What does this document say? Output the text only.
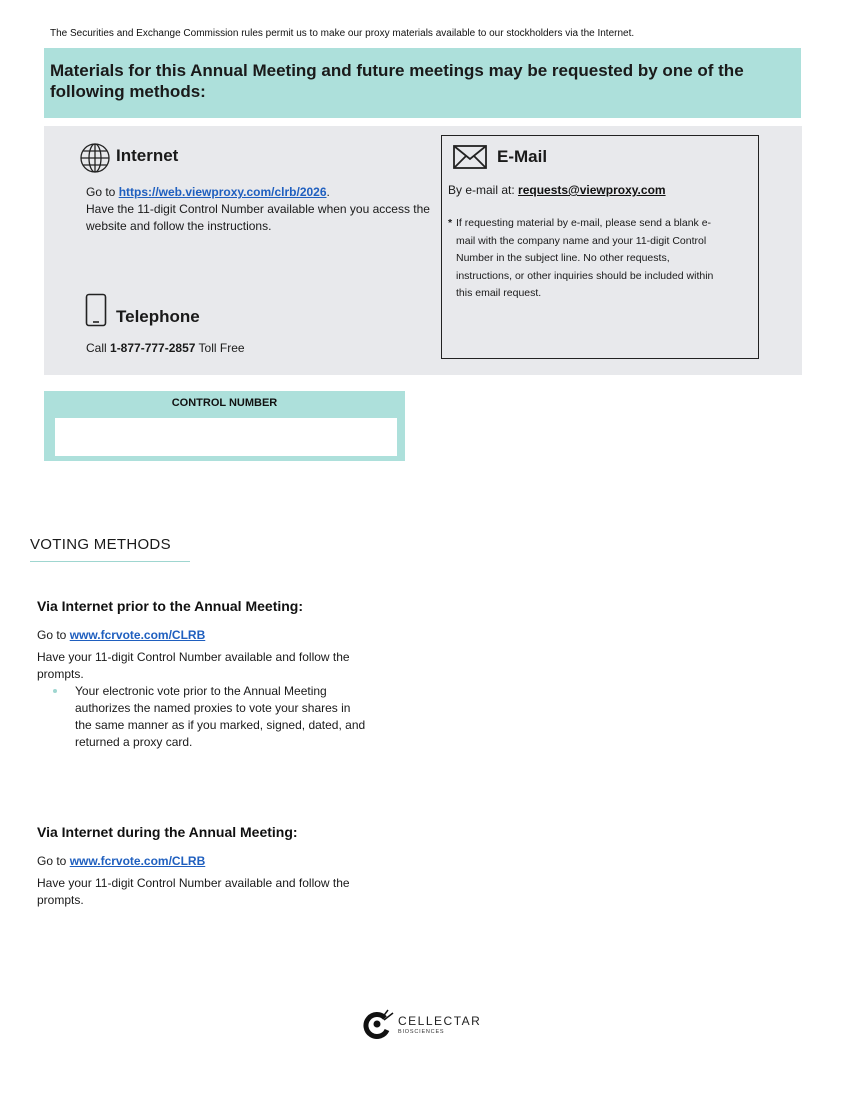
The Securities and Exchange Commission rules permit us to make our proxy materials available to our stockholders via the Internet.
Materials for this Annual Meeting and future meetings may be requested by one of the following methods:
Internet
Go to https://web.viewproxy.com/clrb/2026.
Have the 11-digit Control Number available when you access the website and follow the instructions.
Telephone
Call 1-877-777-2857 Toll Free
E-Mail
By e-mail at: requests@viewproxy.com
* If requesting material by e-mail, please send a blank e-mail with the company name and your 11-digit Control Number in the subject line. No other requests, instructions, or other inquiries should be included within this email request.
CONTROL NUMBER
VOTING METHODS
Via Internet prior to the Annual Meeting:
Go to www.fcrvote.com/CLRB
Have your 11-digit Control Number available and follow the prompts.
Your electronic vote prior to the Annual Meeting authorizes the named proxies to vote your shares in the same manner as if you marked, signed, dated, and returned a proxy card.
Via Internet during the Annual Meeting:
Go to www.fcrvote.com/CLRB
Have your 11-digit Control Number available and follow the prompts.
CELLECTAR
BIOSCIENCES
